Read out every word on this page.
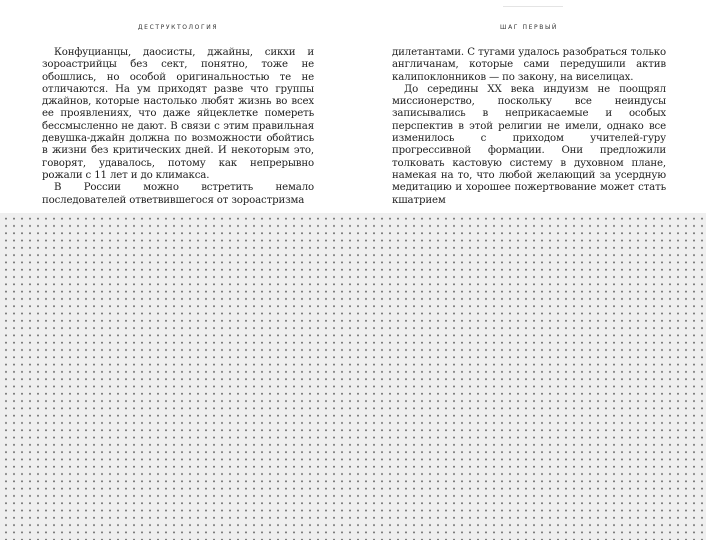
ДЕСТРУКТОЛОГИЯ	ШАГ ПЕРВЫЙ

Конфуцианцы, даосисты, джайны, сикхи и зороастрийцы без сект, понятно, тоже не обошлись, но особой оригинальностью те не отличаются. На ум приходят разве что группы джайнов, которые настолько любят жизнь во всех ее проявлениях, что даже яйцеклетке помереть бессмысленно не дают. В связи с этим правильная девушка-джайн должна по возможности обойтись в жизни без критических дней. И некоторым это, говорят, удавалось, потому как непрерывно рожали с 11 лет и до климакса.

В России можно встретить немало последователей ответвившегося от зороастризма

дилетантами. С тугами удалось разобраться только англичанам, которые сами передушили актив калипоклонников — по закону, на виселицах.

До середины XX века индуизм не поощрял миссионерство, поскольку все неиндусы записывались в неприкасаемые и особых перспектив в этой религии не имели, однако все изменилось с приходом учителей-гуру прогрессивной формации. Они предложили толковать кастовую систему в духовном плане, намекая на то, что любой желающий за усердную медитацию и хорошее пожертвование может стать кшатрием
